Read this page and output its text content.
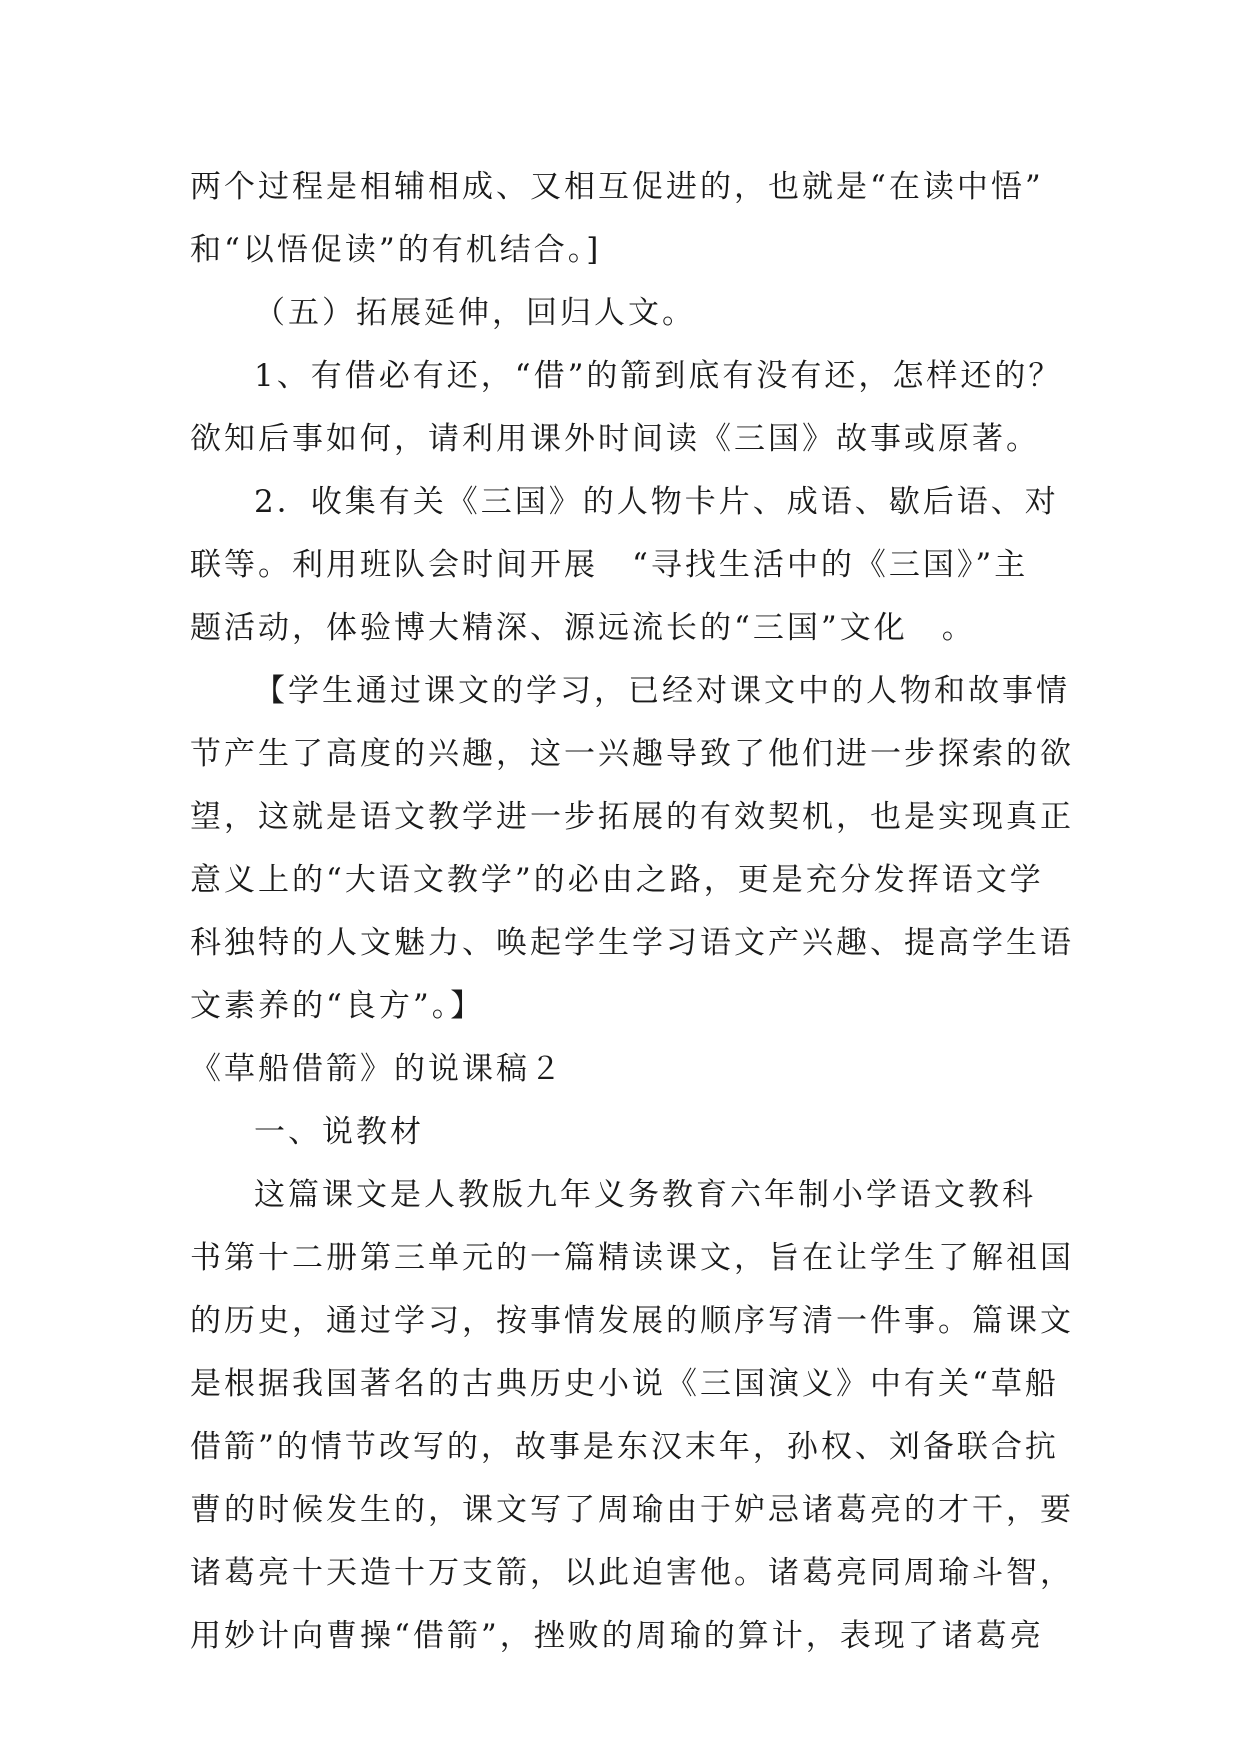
两个过程是相辅相成、又相互促进的，也就是“在读中悟”
和“以悟促读”的有机结合。]
（五）拓展延伸，回归人文。
1、有借必有还，“借”的箭到底有没有还，怎样还的？
欲知后事如何，请利用课外时间读《三国》故事或原著。
2．收集有关《三国》的人物卡片、成语、歇后语、对
联等。利用班队会时间开展　“寻找生活中的《三国》”主
题活动，体验博大精深、源远流长的“三国”文化　。
【学生通过课文的学习，已经对课文中的人物和故事情
节产生了高度的兴趣，这一兴趣导致了他们进一步探索的欲
望，这就是语文教学进一步拓展的有效契机，也是实现真正
意义上的“大语文教学”的必由之路，更是充分发挥语文学
科独特的人文魅力、唤起学生学习语文产兴趣、提高学生语
文素养的“良方”。】
《草船借箭》的说课稿２
一、说教材
这篇课文是人教版九年义务教育六年制小学语文教科
书第十二册第三单元的一篇精读课文，旨在让学生了解祖国
的历史，通过学习，按事情发展的顺序写清一件事。篇课文
是根据我国著名的古典历史小说《三国演义》中有关“草船
借箭”的情节改写的，故事是东汉末年，孙权、刘备联合抗
曹的时候发生的，课文写了周瑜由于妒忌诸葛亮的才干，要
诸葛亮十天造十万支箭，以此迫害他。诸葛亮同周瑜斗智，
用妙计向曹操“借箭”，挫败的周瑜的算计，表现了诸葛亮
